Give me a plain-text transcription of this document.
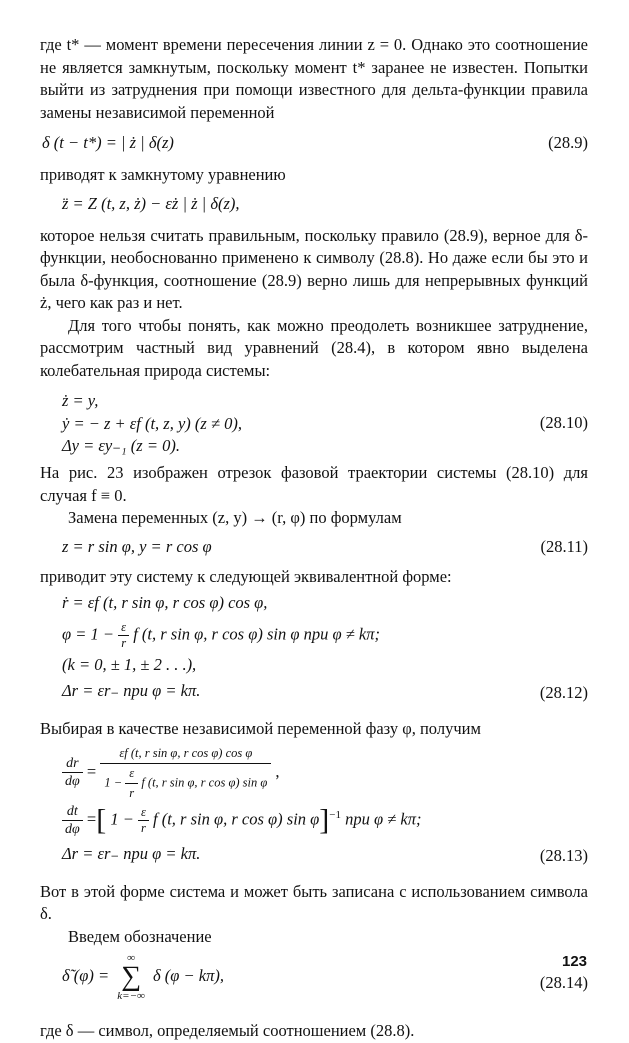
где t* — момент времени пересечения линии z = 0. Однако это соотношение не является замкнутым, поскольку момент t* заранее не известен. Попытки выйти из затруднения при помощи известного для дельта-функции правила замены независимой переменной

δ (t − t*) = | ż | δ(z)	(28.9)

приводят к замкнутому уравнению

z̈ = Z (t, z, ż) − εż | ż | δ(z),

которое нельзя считать правильным, поскольку правило (28.9), верное для δ-функции, необоснованно применено к символу (28.8). Но даже если бы это и была δ-функция, соотношение (28.9) верно лишь для непрерывных функций ż, чего как раз и нет.

Для того чтобы понять, как можно преодолеть возникшее затруднение, рассмотрим частный вид уравнений (28.4), в котором явно выделена колебательная природа системы:

ż = y,
ẏ = − z + εf (t, z, y) (z ≠ 0),
Δy = εy₋₁ (z = 0).
(28.10)

На рис. 23 изображен отрезок фазовой траектории системы (28.10) для случая f ≡ 0.

Замена переменных (z, y) → (r, φ) по формулам

z = r sin φ, y = r cos φ	(28.11)

приводит эту систему к следующей эквивалентной форме:

ṙ = εf (t, r sin φ, r cos φ) cos φ,
$\varphi = 1 - \frac{\varepsilon}{r}$ f (t, r sin φ, r cos φ) sin φ при φ ≠ kπ;
(k = 0, ± 1, ± 2 . . .),
Δr = εr₋ при φ = kπ.	(28.12)

Выбирая в качестве независимой переменной фазу φ, получим

$\frac{dr}{d\varphi} = \frac{\text{εf (t, r sin φ, r cos φ) cos φ}}{1 - \frac{\varepsilon}{r} f (t, r \sin \varphi, r \cos \varphi) \sin \varphi}$ ,
$\frac{dt}{d\varphi}$ =[ $1 - \frac{\varepsilon}{r}$ f (t, r sin φ, r cos φ) sin φ]$^{-1}$ при φ ≠ kπ;
Δr = εr₋ при φ = kπ.	(28.13)

Вот в этой форме система и может быть записана с использованием символа δ.

Введем обозначение

δ̃ (φ) =
∞
∑
k=−∞
δ (φ − kπ),	(28.14)

где δ — символ, определяемый соотношением (28.8).

123
